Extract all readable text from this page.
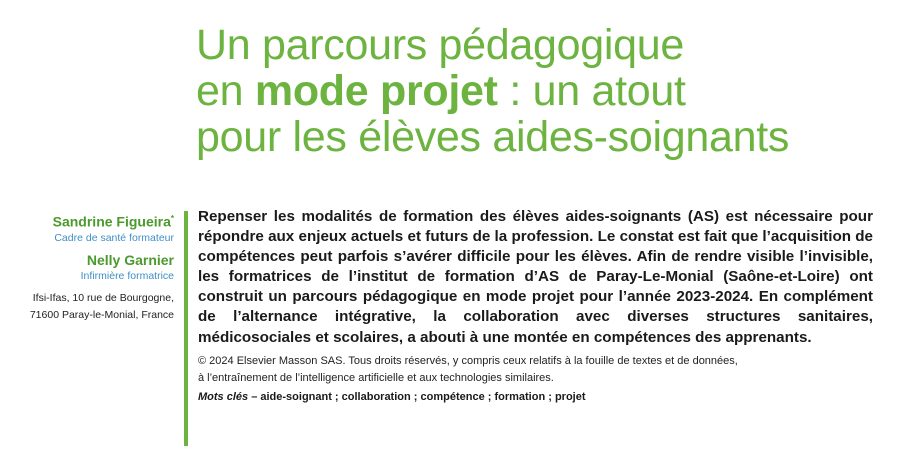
Un parcours pédagogique
en mode projet : un atout
pour les élèves aides-soignants
Sandrine Figueira*
Cadre de santé formateur
Nelly Garnier
Infirmière formatrice
Ifsi-Ifas, 10 rue de Bourgogne,
71600 Paray-le-Monial, France

Repenser les modalités de formation des élèves aides-soignants (AS) est nécessaire pour répondre aux enjeux actuels et futurs de la profession. Le constat est fait que l’acquisition de compétences peut parfois s’avérer difficile pour les élèves. Afin de rendre visible l’invisible, les formatrices de l’institut de formation d’AS de Paray-Le-Monial (Saône-et-Loire) ont construit un parcours pédagogique en mode projet pour l’année 2023-2024. En complément de l’alternance intégrative, la collaboration avec diverses structures sanitaires, médicosociales et scolaires, a abouti à une montée en compétences des apprenants.

© 2024 Elsevier Masson SAS. Tous droits réservés, y compris ceux relatifs à la fouille de textes et de données,
à l’entraînement de l’intelligence artificielle et aux technologies similaires.
Mots clés – aide-soignant ; collaboration ; compétence ; formation ; projet
